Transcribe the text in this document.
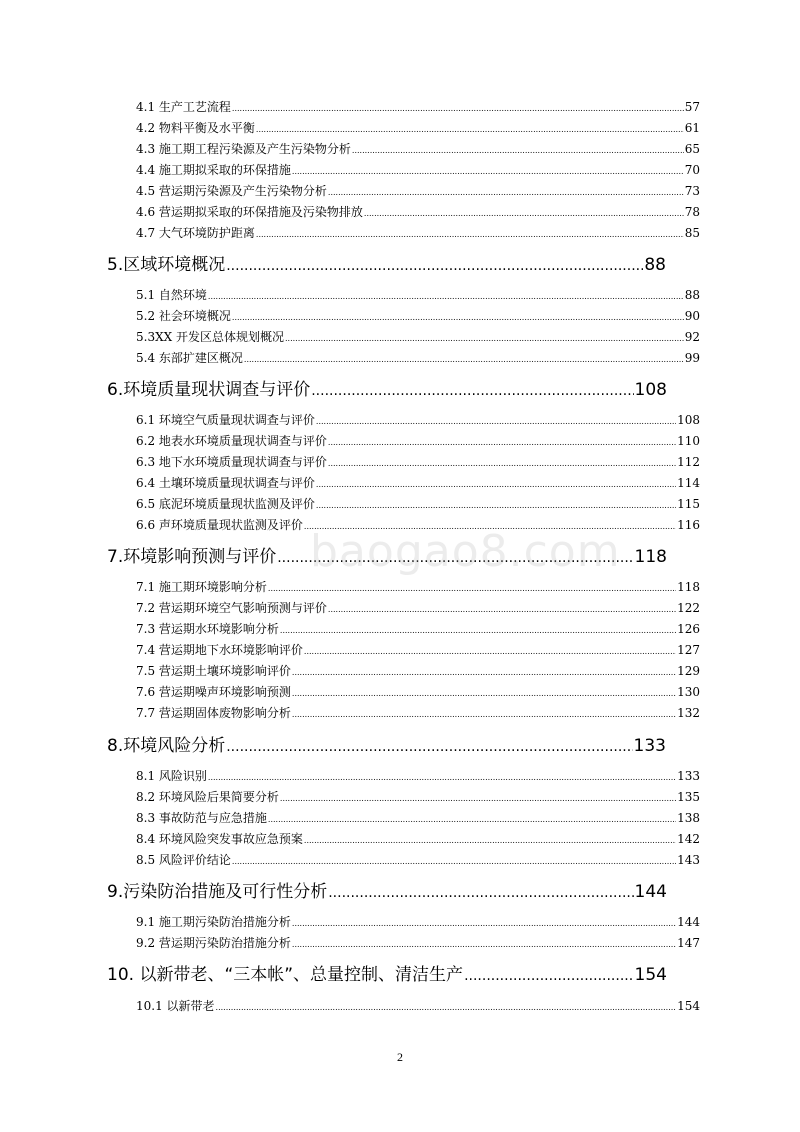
4.1 生产工艺流程 .....	57
4.2 物料平衡及水平衡 .....	61
4.3 施工期工程污染源及产生污染物分析 .....	65
4.4 施工期拟采取的环保措施 .....	70
4.5 营运期污染源及产生污染物分析 .....	73
4.6 营运期拟采取的环保措施及污染物排放 .....	78
4.7 大气环境防护距离 .....	85
5.区域环境概况 .....	88
5.1 自然环境 .....	88
5.2 社会环境概况 .....	90
5.3XX 开发区总体规划概况 .....	92
5.4 东部扩建区概况 .....	99
6.环境质量现状调查与评价 .....	108
6.1 环境空气质量现状调查与评价 .....	108
6.2 地表水环境质量现状调查与评价 .....	110
6.3 地下水环境质量现状调查与评价 .....	112
6.4 土壤环境质量现状调查与评价 .....	114
6.5 底泥环境质量现状监测及评价 .....	115
6.6 声环境质量现状监测及评价 .....	116
7.环境影响预测与评价 .....	118
7.1 施工期环境影响分析 .....	118
7.2 营运期环境空气影响预测与评价 .....	122
7.3 营运期水环境影响分析 .....	126
7.4 营运期地下水环境影响评价 .....	127
7.5 营运期土壤环境影响评价 .....	129
7.6 营运期噪声环境影响预测 .....	130
7.7 营运期固体废物影响分析 .....	132
8.环境风险分析 .....	133
8.1 风险识别 .....	133
8.2 环境风险后果简要分析 .....	135
8.3 事故防范与应急措施 .....	138
8.4 环境风险突发事故应急预案 .....	142
8.5 风险评价结论 .....	143
9.污染防治措施及可行性分析 .....	144
9.1 施工期污染防治措施分析 .....	144
9.2 营运期污染防治措施分析 .....	147
10. 以新带老、“三本帐”、总量控制、清洁生产 .....	154
10.1 以新带老 .....	154
baogao8.com
2
